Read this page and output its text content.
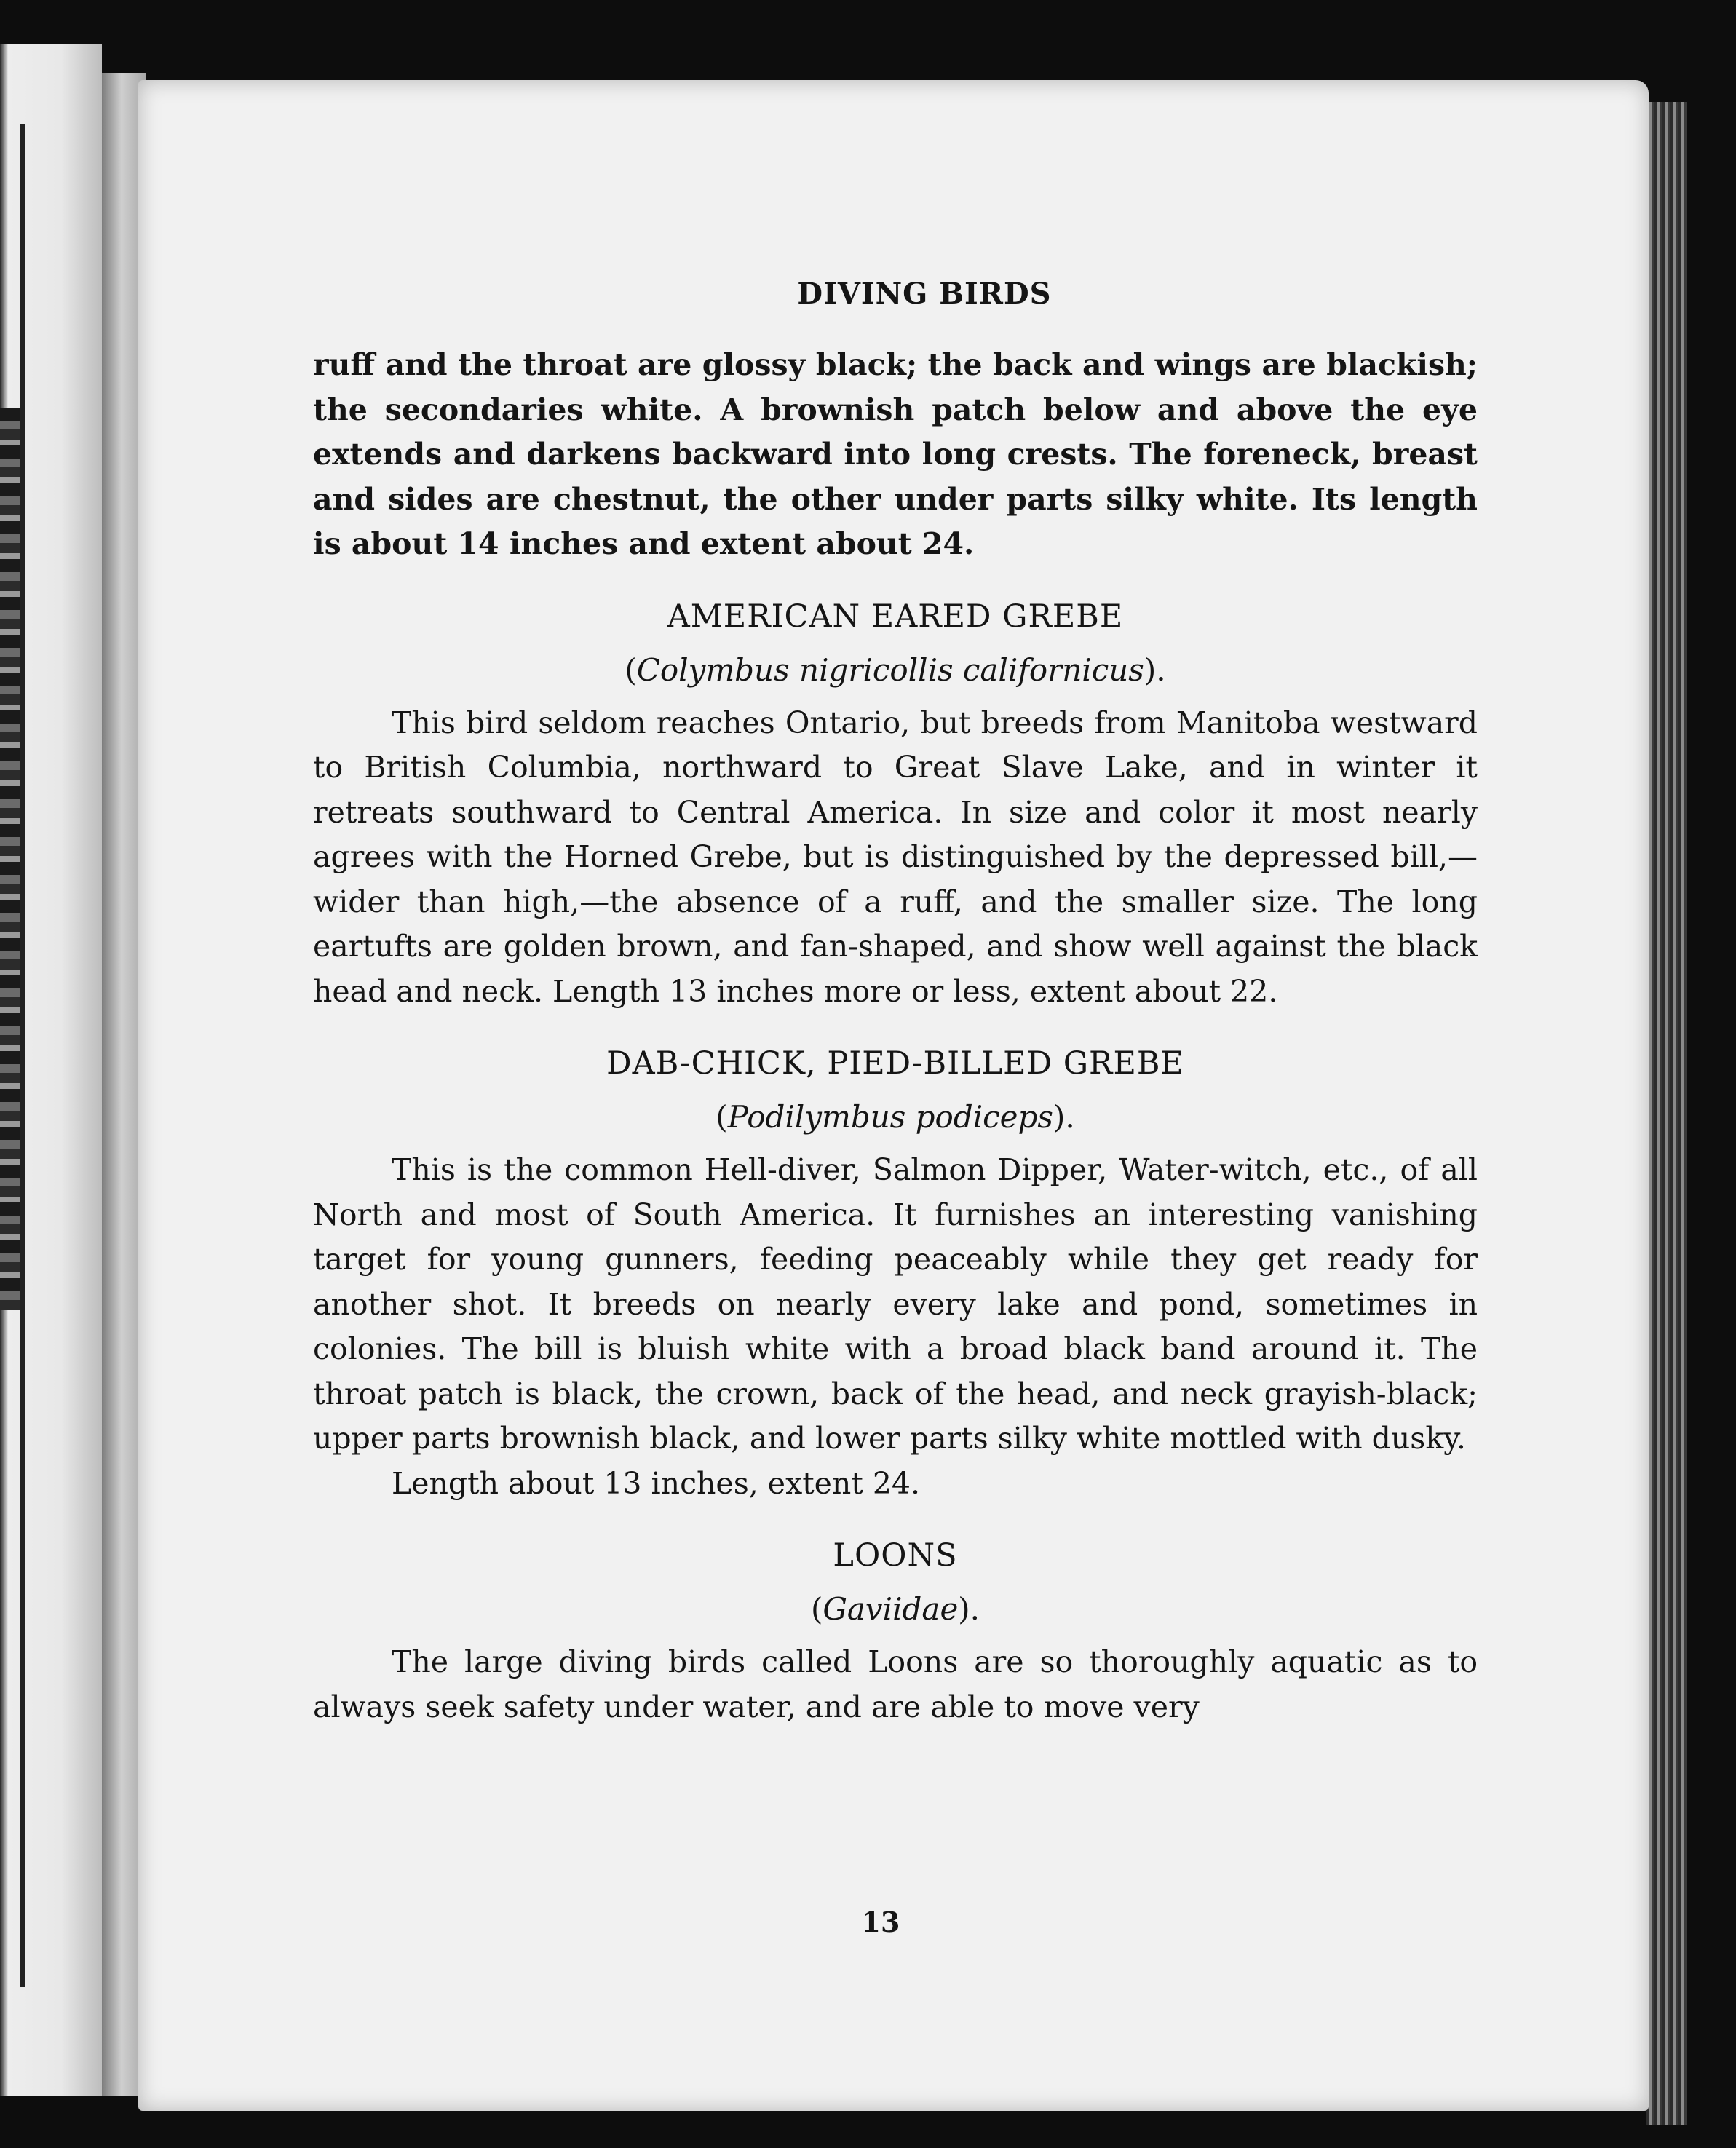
DIVING BIRDS

ruff and the throat are glossy black; the back and wings are blackish; the secondaries white. A brownish patch below and above the eye extends and darkens backward into long crests. The foreneck, breast and sides are chestnut, the other under parts silky white. Its length is about 14 inches and extent about 24.

AMERICAN EARED GREBE
(Colymbus nigricollis californicus).

This bird seldom reaches Ontario, but breeds from Manitoba westward to British Columbia, northward to Great Slave Lake, and in winter it retreats southward to Central America. In size and color it most nearly agrees with the Horned Grebe, but is distinguished by the depressed bill,—wider than high,—the absence of a ruff, and the smaller size. The long eartufts are golden brown, and fan-shaped, and show well against the black head and neck. Length 13 inches more or less, extent about 22.

DAB-CHICK, PIED-BILLED GREBE
(Podilymbus podiceps).

This is the common Hell-diver, Salmon Dipper, Water-witch, etc., of all North and most of South America. It furnishes an interesting vanishing target for young gunners, feeding peaceably while they get ready for another shot. It breeds on nearly every lake and pond, sometimes in colonies. The bill is bluish white with a broad black band around it. The throat patch is black, the crown, back of the head, and neck grayish-black; upper parts brownish black, and lower parts silky white mottled with dusky.

Length about 13 inches, extent 24.

LOONS
(Gaviidae).

The large diving birds called Loons are so thoroughly aquatic as to always seek safety under water, and are able to move very

13
